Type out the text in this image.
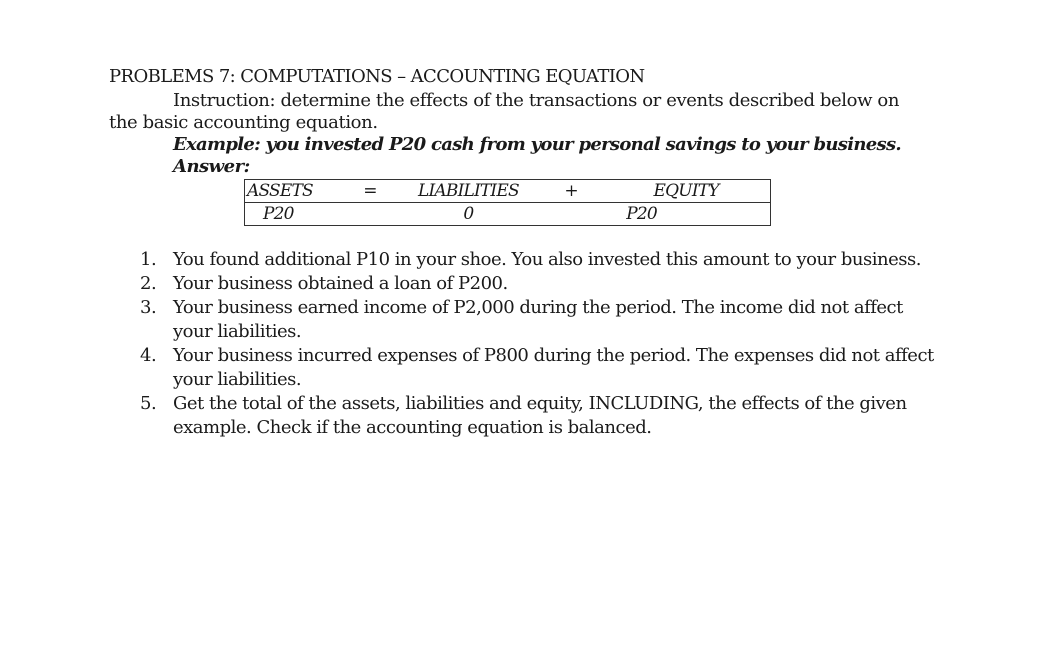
PROBLEMS 7: COMPUTATIONS – ACCOUNTING EQUATION
Instruction: determine the effects of the transactions or events described below on the basic accounting equation.
Example: you invested P20 cash from your personal savings to your business.
Answer:
ASSETS	=	LIABILITIES	+	EQUITY
P20		0		P20
1. You found additional P10 in your shoe. You also invested this amount to your business.
2. Your business obtained a loan of P200.
3. Your business earned income of P2,000 during the period. The income did not affect your liabilities.
4. Your business incurred expenses of P800 during the period. The expenses did not affect your liabilities.
5. Get the total of the assets, liabilities and equity, INCLUDING, the effects of the given example. Check if the accounting equation is balanced.
